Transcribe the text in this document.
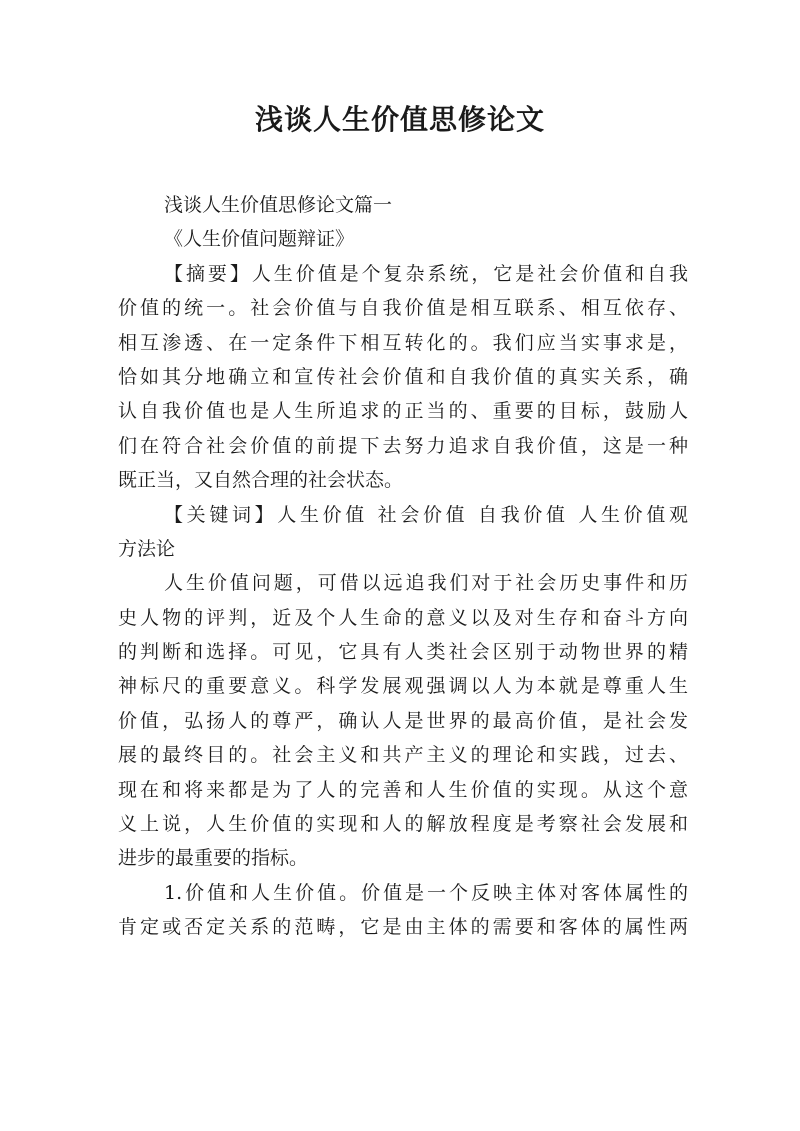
浅谈人生价值思修论文
浅谈人生价值思修论文篇一
《人生价值问题辩证》
【摘要】人生价值是个复杂系统，它是社会价值和自我
价值的统一。社会价值与自我价值是相互联系、相互依存、
相互渗透、在一定条件下相互转化的。我们应当实事求是，
恰如其分地确立和宣传社会价值和自我价值的真实关系，确
认自我价值也是人生所追求的正当的、重要的目标，鼓励人
们在符合社会价值的前提下去努力追求自我价值，这是一种
既正当，又自然合理的社会状态。
【关键词】人生价值 社会价值 自我价值 人生价值观
方法论
人生价值问题，可借以远追我们对于社会历史事件和历
史人物的评判，近及个人生命的意义以及对生存和奋斗方向
的判断和选择。可见，它具有人类社会区别于动物世界的精
神标尺的重要意义。科学发展观强调以人为本就是尊重人生
价值，弘扬人的尊严，确认人是世界的最高价值，是社会发
展的最终目的。社会主义和共产主义的理论和实践，过去、
现在和将来都是为了人的完善和人生价值的实现。从这个意
义上说，人生价值的实现和人的解放程度是考察社会发展和
进步的最重要的指标。
1.价值和人生价值。价值是一个反映主体对客体属性的
肯定或否定关系的范畴，它是由主体的需要和客体的属性两
